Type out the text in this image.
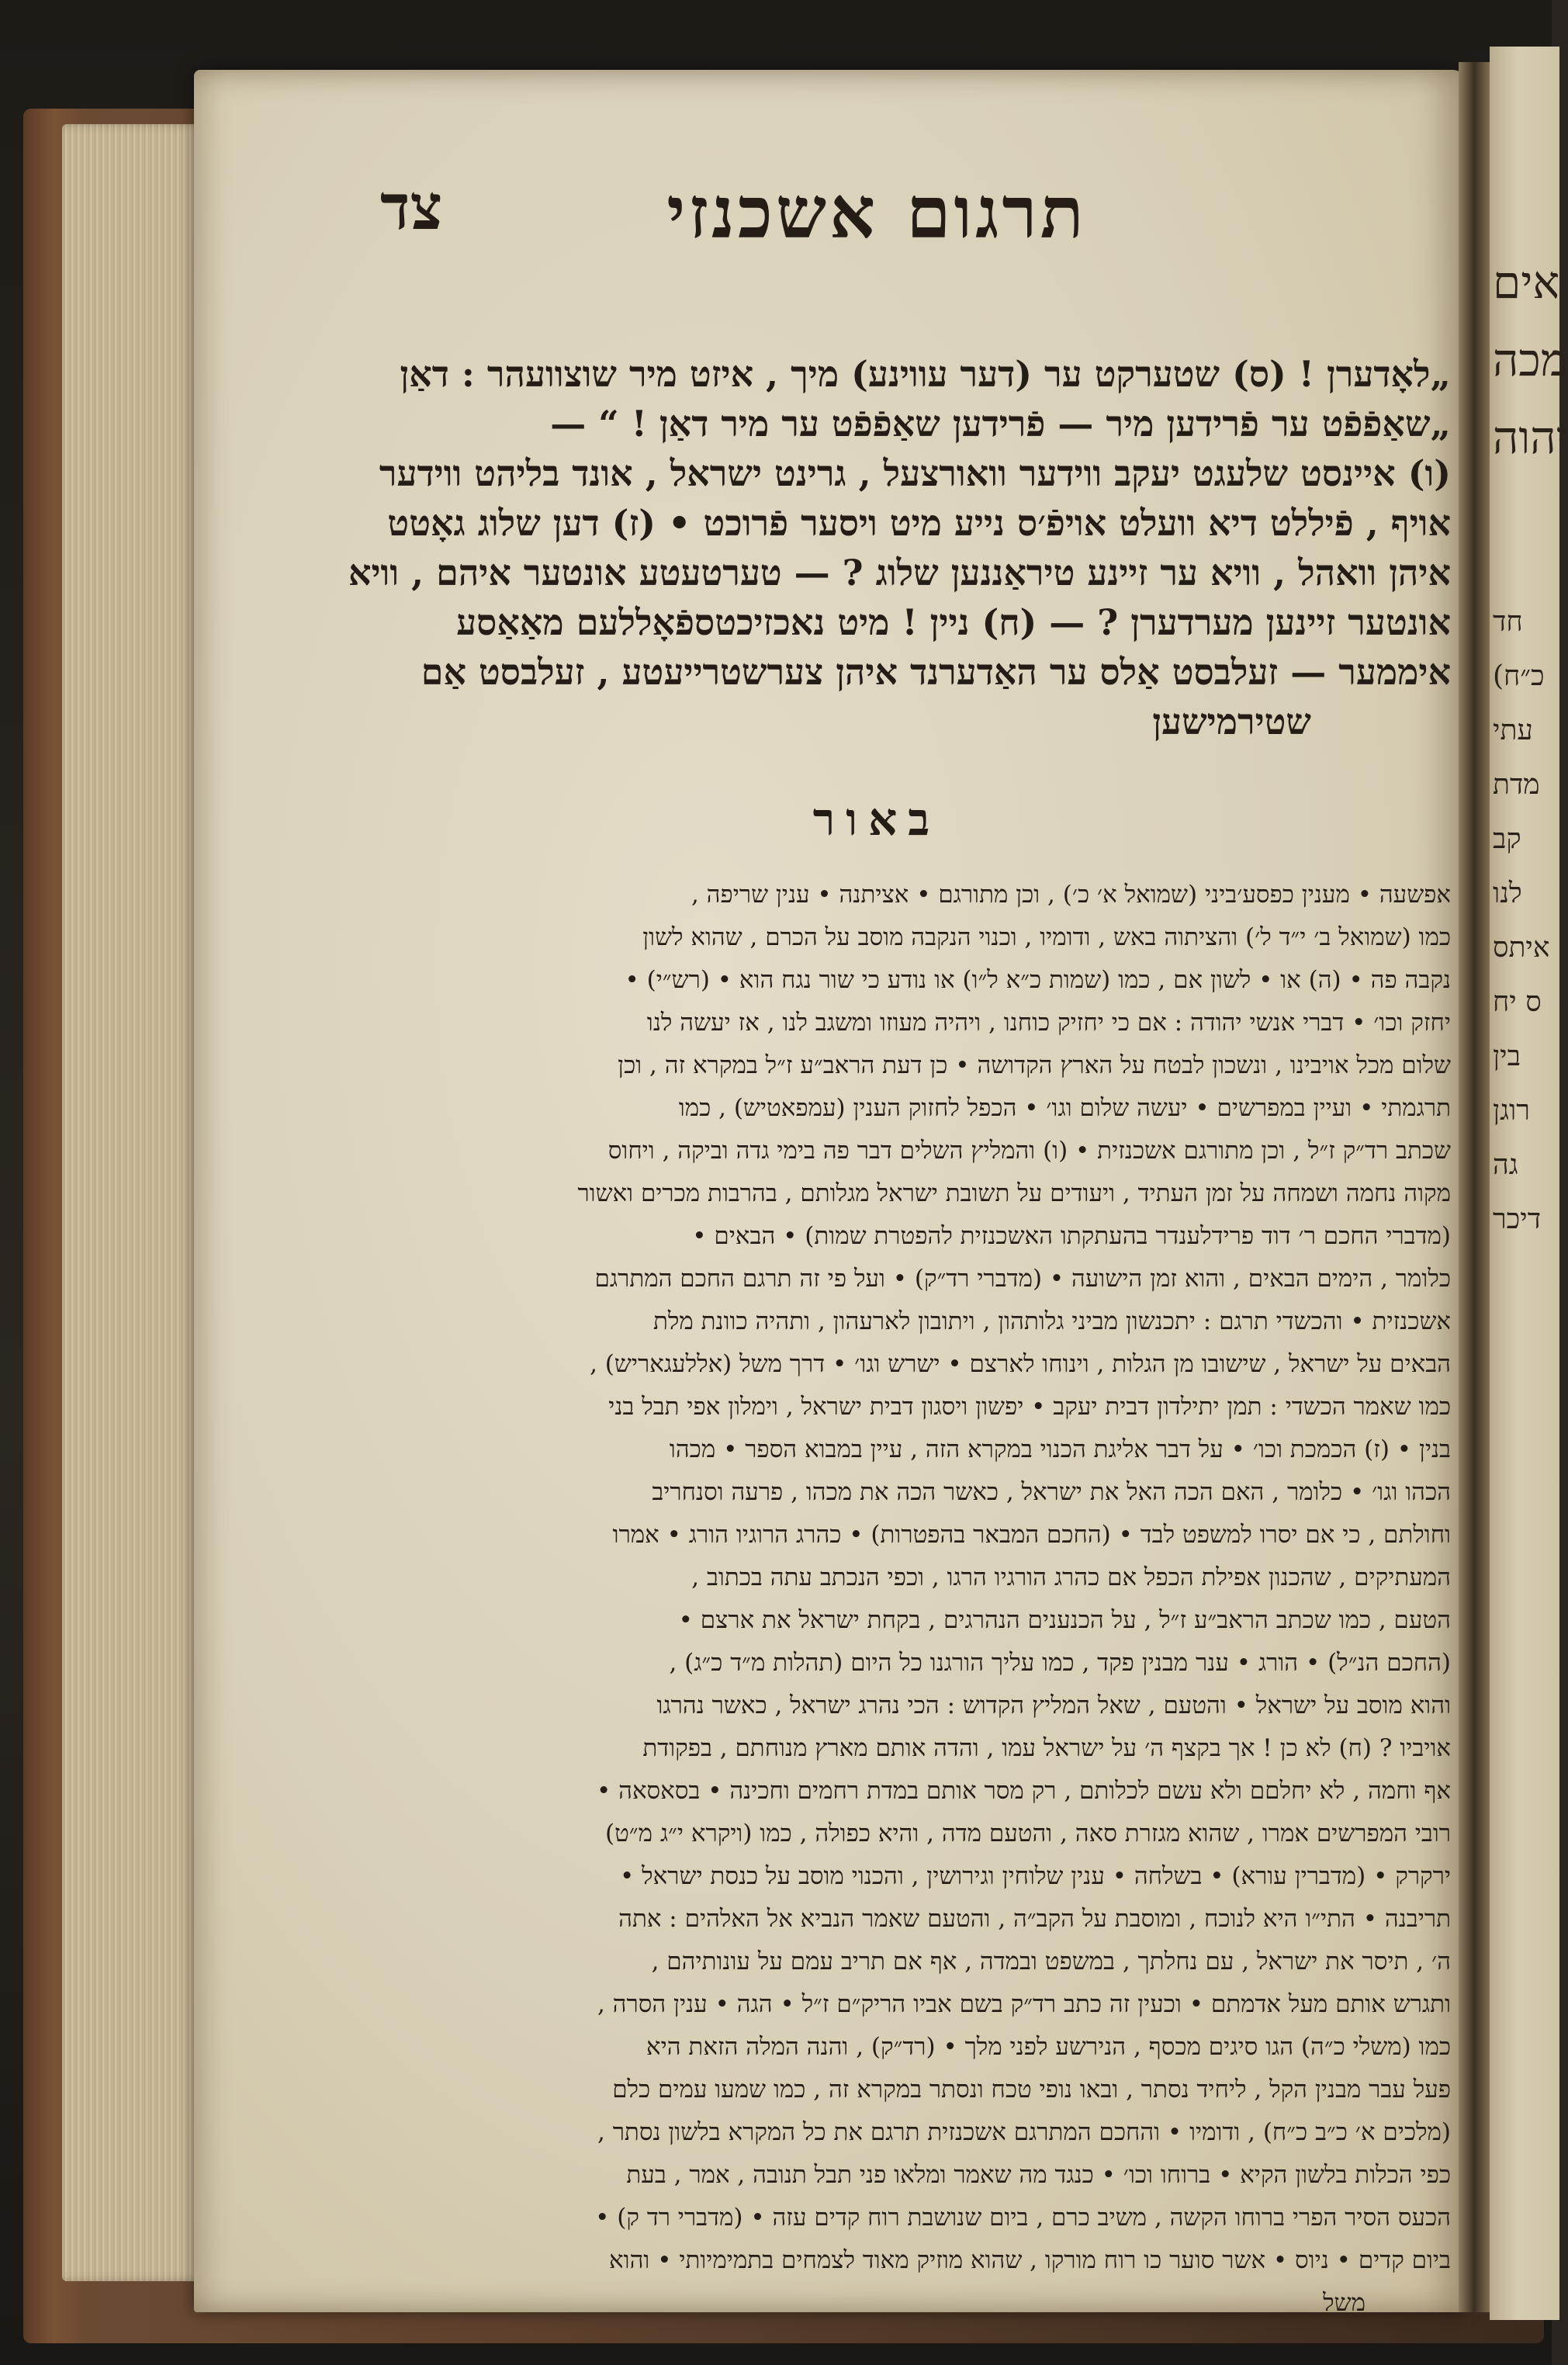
אים
מכה
יהוה
חד
כ״ח)
עתי
מדת
קב
לנו
איתס
ס יח
בין
רוגן
גה
דיכר
תרגום אשכנזי
צד
„לאָדערן ! (ס) שטערקט ער (דער עווינע) מיך , איזט מיר שוצוועהר : דאַן
„שאַפֿפֿט ער פֿרידען מיר — פֿרידען שאַפֿפֿט ער מיר דאַן ! “ —
(ו) איינסט שלעגט יעקב ווידער וואורצעל , גרינט ישראל , אונד בליהט ווידער
אויף , פֿיללט דיא וועלט אויפֿ׳ס נייע מיט ויסער פֿרוכט • (ז) דען שלוג גאָטט
איהן וואהל , וויא ער זיינע טיראַננען שלוג ? — טערטעטע אונטער איהם , וויא
אונטער זיינען מערדערן ? — (ח) ניין ! מיט נאכזיכטספֿאָללעם מאַאַסע
איממער — זעלבסט אַלס ער האַדערנד איהן צערשטרייעטע , זעלבסט אַם
שטירמישען
באור
אפשעה • מענין כפסע׳ביני (שמואל א׳ כ׳) , וכן מתורגם • אציתנה • ענין שריפה ,
כמו (שמואל ב׳ י״ד ל׳) והציתוה באש , ודומיו , וכנוי הנקבה מוסב על הכרם , שהוא לשון
נקבה פה • (ה) או • לשון אם , כמו (שמות כ״א ל״ו) או נודע כי שור נגח הוא • (רש״י) •
יחזק וכו׳ • דברי אנשי יהודה : אם כי יחזיק כוחנו , ויהיה מעוזו ומשגב לנו , אז יעשה לנו
שלום מכל אויבינו , ונשכון לבטח על הארץ הקדושה • כן דעת הראב״ע ז״ל במקרא זה , וכן
תרגמתי • ועיין במפרשים • יעשה שלום וגו׳ • הכפל לחזוק הענין (עמפאטיש) , כמו
שכתב רד״ק ז״ל , וכן מתורגם אשכנזית • (ו) והמליץ השלים דבר פה בימי גדה וביקה , ויחוס
מקוה נחמה ושמחה על זמן העתיד , ויעודים על תשובת ישראל מגלותם , בהרבות מכרים ואשור
(מדברי החכם ר׳ דוד פרידלענדר בהעתקתו האשכנזית להפטרת שמות) • הבאים •
כלומר , הימים הבאים , והוא זמן הישועה • (מדברי רד״ק) • ועל פי זה תרגם החכם המתרגם
אשכנזית • והכשדי תרגם : יתכנשון מביני גלותהון , ויתובון לארעהון , ותהיה כוונת מלת
הבאים על ישראל , שישובו מן הגלות , וינוחו לארצם • ישרש וגו׳ • דרך משל (אללעגאריש) ,
כמו שאמר הכשדי : תמן יתילדון דבית יעקב • יפשון ויסגון דבית ישראל , וימלון אפי תבל בני
בנין • (ז) הכמכת וכו׳ • על דבר אליגת הכנוי במקרא הזה , עיין במבוא הספר • מכהו
הכהו וגו׳ • כלומר , האם הכה האל את ישראל , כאשר הכה את מכהו , פרעה וסנחריב
וחולתם , כי אם יסרו למשפט לבד • (החכם המבאר בהפטרות) • כהרג הרוגיו הורג • אמרו
המעתיקים , שהכנון אפילת הכפל אם כהרג הורגיו הרגו , וכפי הנכתב עתה בכתוב ,
הטעם , כמו שכתב הראב״ע ז״ל , על הכנענים הנהרגים , בקחת ישראל את ארצם •
(החכם הנ״ל) • הורג • ענר מבנין פקד , כמו עליך הורגנו כל היום (תהלות מ״ד כ״ג) ,
והוא מוסב על ישראל • והטעם , שאל המליץ הקדוש : הכי נהרג ישראל , כאשר נהרגו
אויביו ? (ח) לא כן ! אך בקצף ה׳ על ישראל עמו , והדה אותם מארץ מנוחתם , בפקודת
אף וחמה , לא יחלםם ולא עשם לכלותם , רק מסר אותם במדת רחמים וחכינה • בסאסאה •
רובי המפרשים אמרו , שהוא מגזרת סאה , והטעם מדה , והיא כפולה , כמו (ויקרא י״ג מ״ט)
ירקרק • (מדברין עורא) • בשלחה • ענין שלוחין וגירושין , והכנוי מוסב על כנסת ישראל •
תריבנה • התי״ו היא לנוכח , ומוסבת על הקב״ה , והטעם שאמר הנביא אל האלהים : אתה
ה׳ , תיסר את ישראל , עם נחלתך , במשפט ובמדה , אף אם תריב עמם על עונותיהם ,
ותגרש אותם מעל אדמתם • וכעין זה כתב רד״ק בשם אביו הריק״ם ז״ל • הגה • ענין הסרה ,
כמו (משלי כ״ה) הגו סיגים מכסף , הנירשע לפני מלך • (רד״ק) , והנה המלה הזאת היא
פעל עבר מבנין הקל , ליחיד נסתר , ובאו נופי טכח ונסתר במקרא זה , כמו שמעו עמים כלם
(מלכים א׳ כ״ב כ״ח) , ודומיו • והחכם המתרגם אשכנזית תרגם את כל המקרא בלשון נסתר ,
כפי הכלות בלשון הקיא • ברוחו וכו׳ • כנגד מה שאמר ומלאו פני תבל תנובה , אמר , בעת
הכעס הסיר הפרי ברוחו הקשה , משיב כרם , ביום שנושבת רוח קדים עזה • (מדברי רד ק) •
ביום קדים • ניוס • אשר סוער כו רוח מורקו , שהוא מוזיק מאוד לצמחים בתמימיותי • והוא
משל
